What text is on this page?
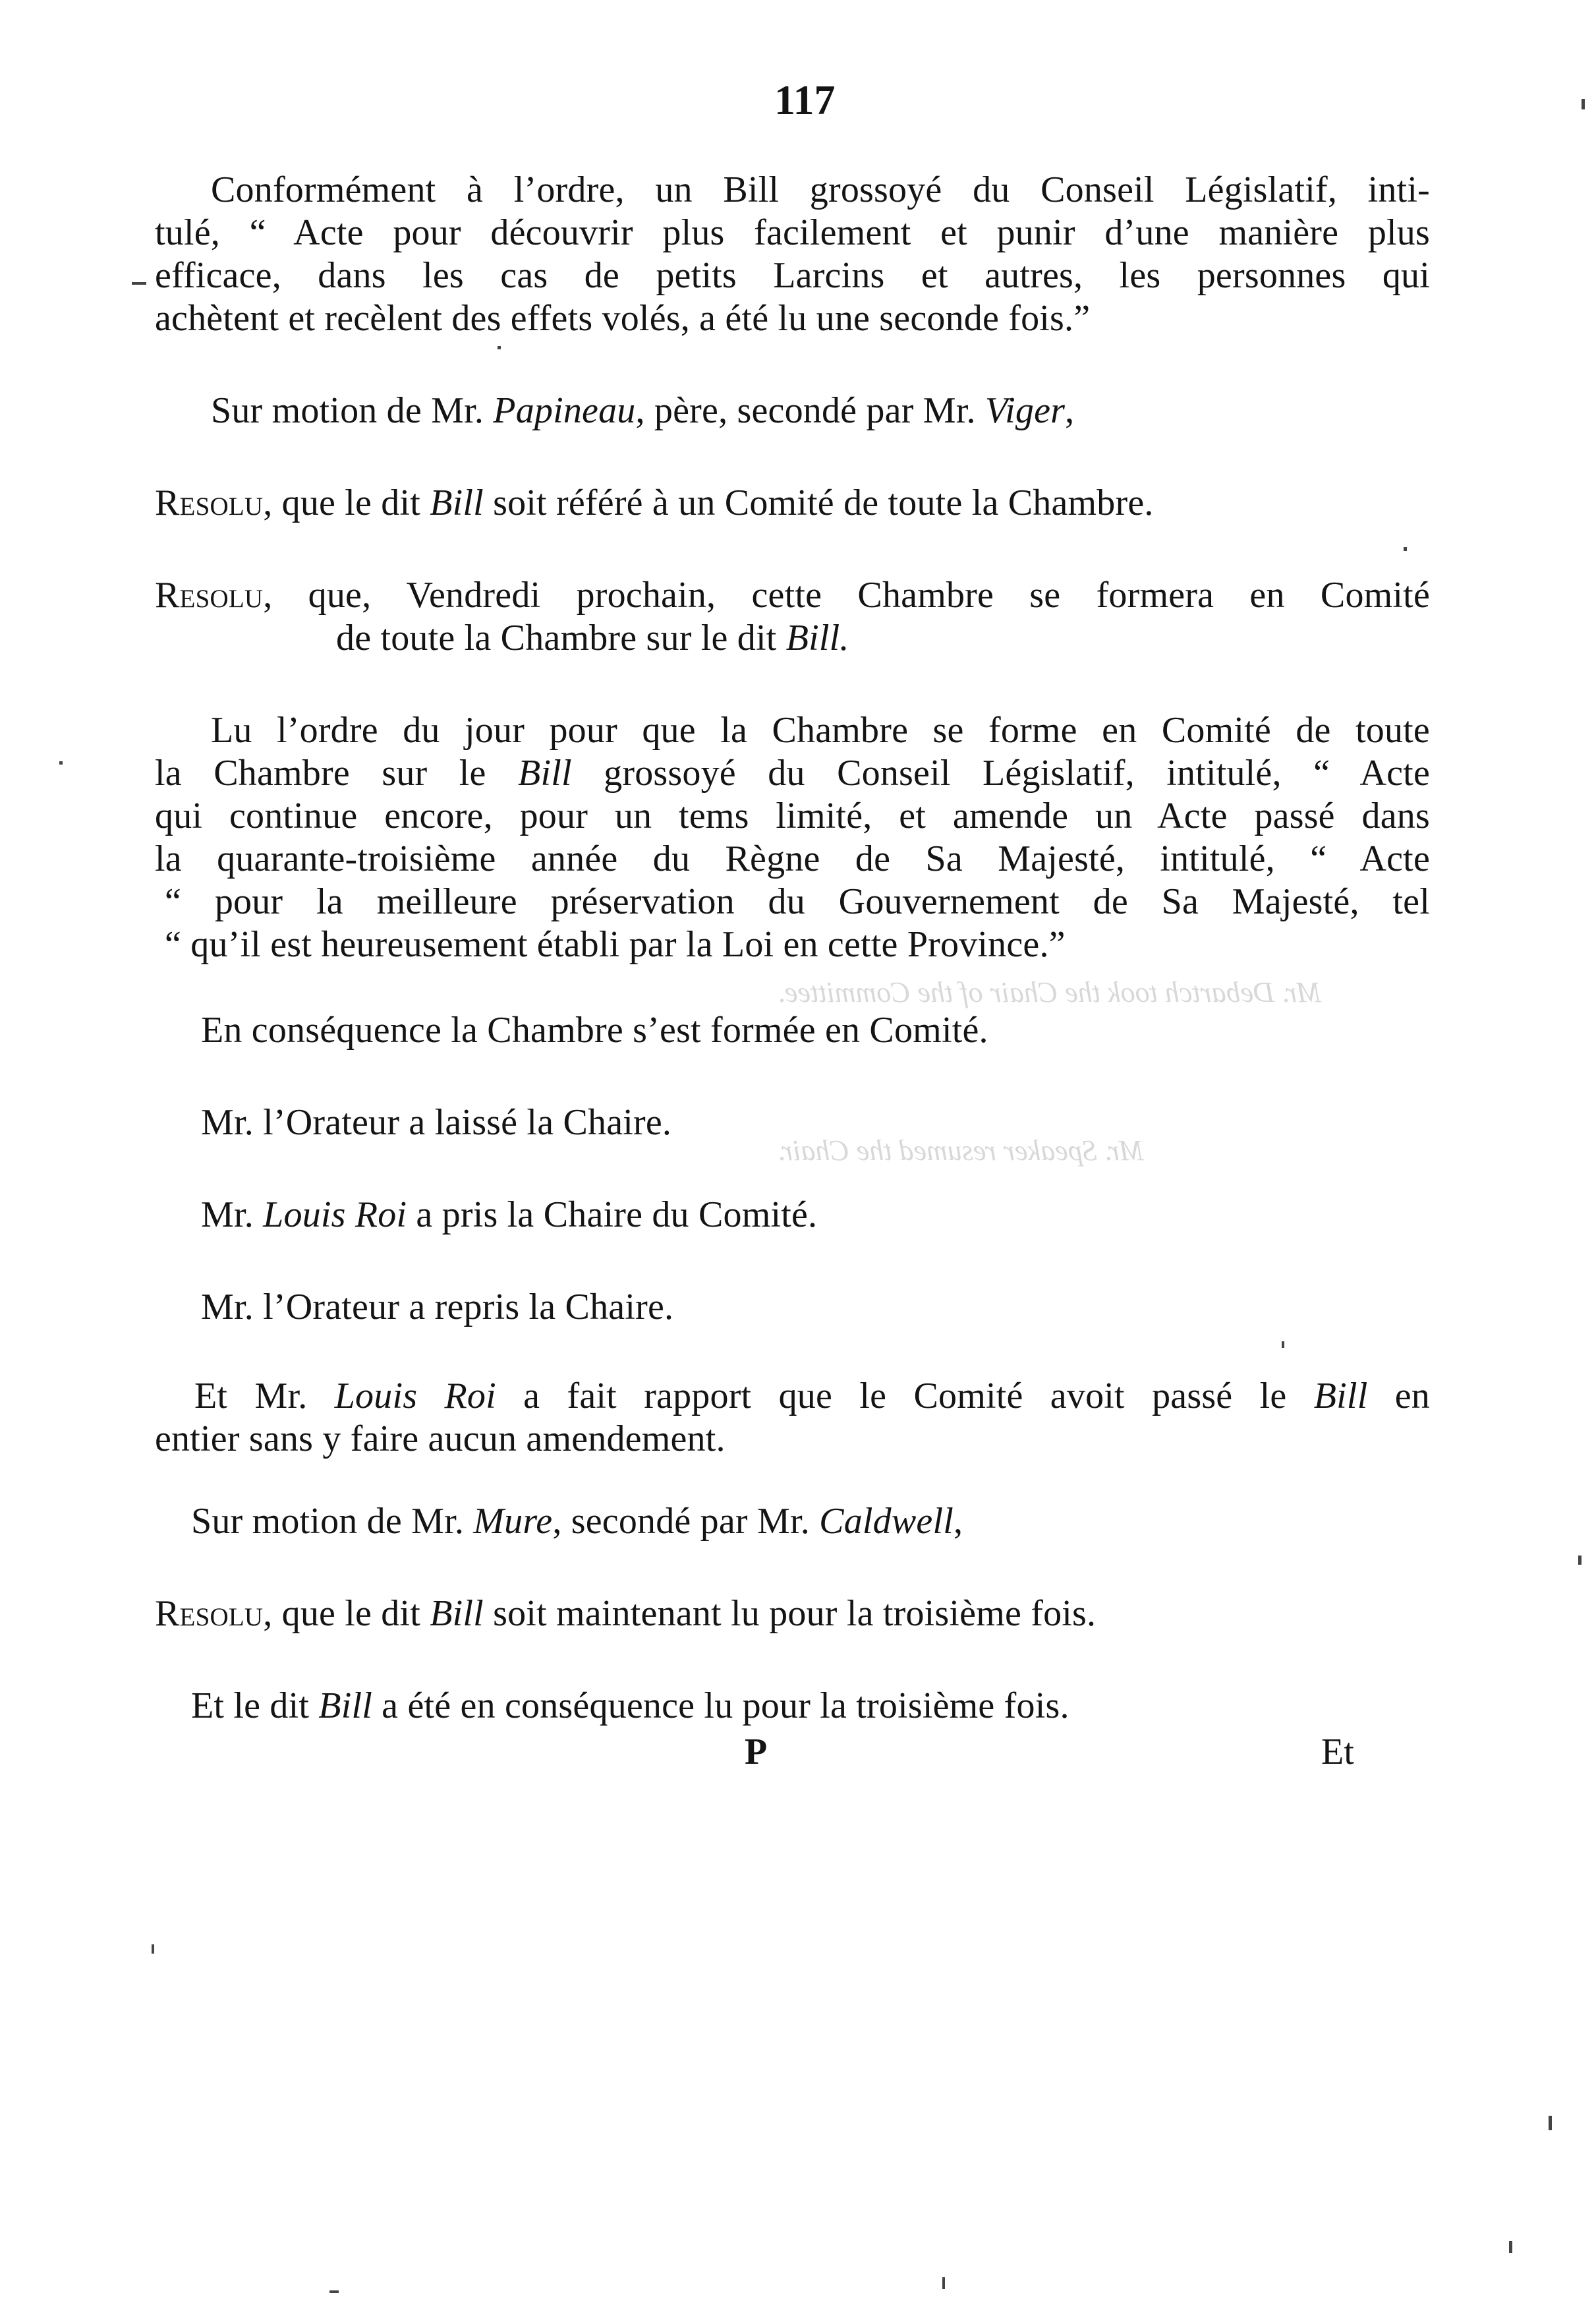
117
Conformément à l’ordre, un Bill grossoyé du Conseil Législatif, inti-
tulé, “ Acte pour découvrir plus facilement et punir d’une manière plus
efficace, dans les cas de petits Larcins et autres, les personnes qui
achètent et recèlent des effets volés, a été lu une seconde fois.”
Sur motion de Mr. Papineau, père, secondé par Mr. Viger,
Resolu, que le dit Bill soit référé à un Comité de toute la Chambre.
Resolu, que, Vendredi prochain, cette Chambre se formera en Comité
de toute la Chambre sur le dit Bill.
Lu l’ordre du jour pour que la Chambre se forme en Comité de toute
la Chambre sur le Bill grossoyé du Conseil Législatif, intitulé, “ Acte
qui continue encore, pour un tems limité, et amende un Acte passé dans
la quarante-troisième année du Règne de Sa Majesté, intitulé, “ Acte
“ pour la meilleure préservation du Gouvernement de Sa Majesté, tel
“ qu’il est heureusement établi par la Loi en cette Province.”
Mr. Debartch took the Chair of the Committee.
Mr. Speaker resumed the Chair.
En conséquence la Chambre s’est formée en Comité.
Mr. l’Orateur a laissé la Chaire.
Mr. Louis Roi a pris la Chaire du Comité.
Mr. l’Orateur a repris la Chaire.
Et Mr. Louis Roi a fait rapport que le Comité avoit passé le Bill en
entier sans y faire aucun amendement.
Sur motion de Mr. Mure, secondé par Mr. Caldwell,
Resolu, que le dit Bill soit maintenant lu pour la troisième fois.
Et le dit Bill a été en conséquence lu pour la troisième fois.
P	Et
